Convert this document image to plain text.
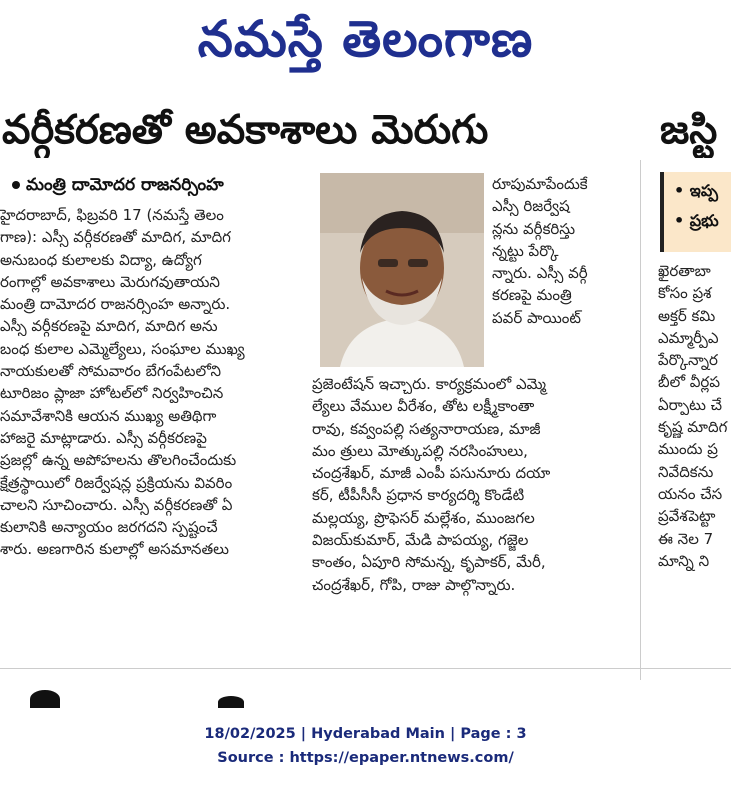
నమస్తే తెలంగాణ
వర్గీకరణతో అవకాశాలు మెరుగు	జస్టి
మంత్రి దామోదర రాజనర్సింహ
హైదరాబాద్, ఫిబ్రవరి 17 (నమస్తే తెలం
గాణ): ఎస్సీ వర్గీకరణతో మాదిగ, మాదిగ
అనుబంధ కులాలకు విద్యా, ఉద్యోగ
రంగాల్లో అవకాశాలు మెరుగవుతాయని
మంత్రి దామోదర రాజనర్సింహ అన్నారు.
ఎస్సీ వర్గీకరణపై మాదిగ, మాదిగ అను
బంధ కులాల ఎమ్మెల్యేలు, సంఘాల ముఖ్య
నాయకులతో సోమవారం బేగంపేటలోని
టూరిజం ప్లాజా హోటల్‌లో నిర్వహించిన
సమావేశానికి ఆయన ముఖ్య అతిథిగా
హాజరై మాట్లాడారు. ఎస్సీ వర్గీకరణపై
ప్రజల్లో ఉన్న అపోహలను తొలగించేందుకు
క్షేత్రస్థాయిలో రిజర్వేషన్ల ప్రక్రియను వివరిం
చాలని సూచించారు. ఎస్సీ వర్గీకరణతో ఏ
కులానికి అన్యాయం జరగదని స్పష్టంచే
శారు. అణగారిన కులాల్లో అసమానతలు
రూపుమాపేందుకే
ఎస్సీ రిజర్వేష
న్లను వర్గీకరిస్తు
న్నట్టు పేర్కొ
న్నారు. ఎస్సీ వర్గీ
కరణపై మంత్రి
పవర్ పాయింట్
ప్రజెంటేషన్ ఇచ్చారు. కార్యక్రమంలో ఎమ్మె
ల్యేలు వేముల వీరేశం, తోట లక్ష్మీకాంతా
రావు, కవ్వంపల్లి సత్యనారాయణ, మాజీ
మం త్రులు మోత్కుపల్లి నరసింహులు,
చంద్రశేఖర్, మాజీ ఎంపీ పసునూరు దయా
కర్, టీపీసీసీ ప్రధాన కార్యదర్శి కొండేటి
మల్లయ్య, ప్రొఫెసర్ మల్లేశం, ముంజగల
విజయ్‌కుమార్, మేడి పాపయ్య, గజ్జెల
కాంతం, ఏపూరి సోమన్న, కృపాకర్, మేరీ,
చంద్రశేఖర్, గోపి, రాజు పాల్గొన్నారు.
• ఇప్ప
• ప్రభు
ఖైరతాబా
కోసం ప్రశ
అక్తర్ కమి
ఎమ్మార్పీఎ
పేర్కొన్నార
బీలో వీర్లప
ఏర్పాటు చే
కృష్ణ మాదిగ
ముందు ప్ర
నివేదికను
యనం చేస
ప్రవేశపెట్టా
ఈ నెల 7
మాన్ని ని
18/02/2025 | Hyderabad Main | Page : 3
Source : https://epaper.ntnews.com/
